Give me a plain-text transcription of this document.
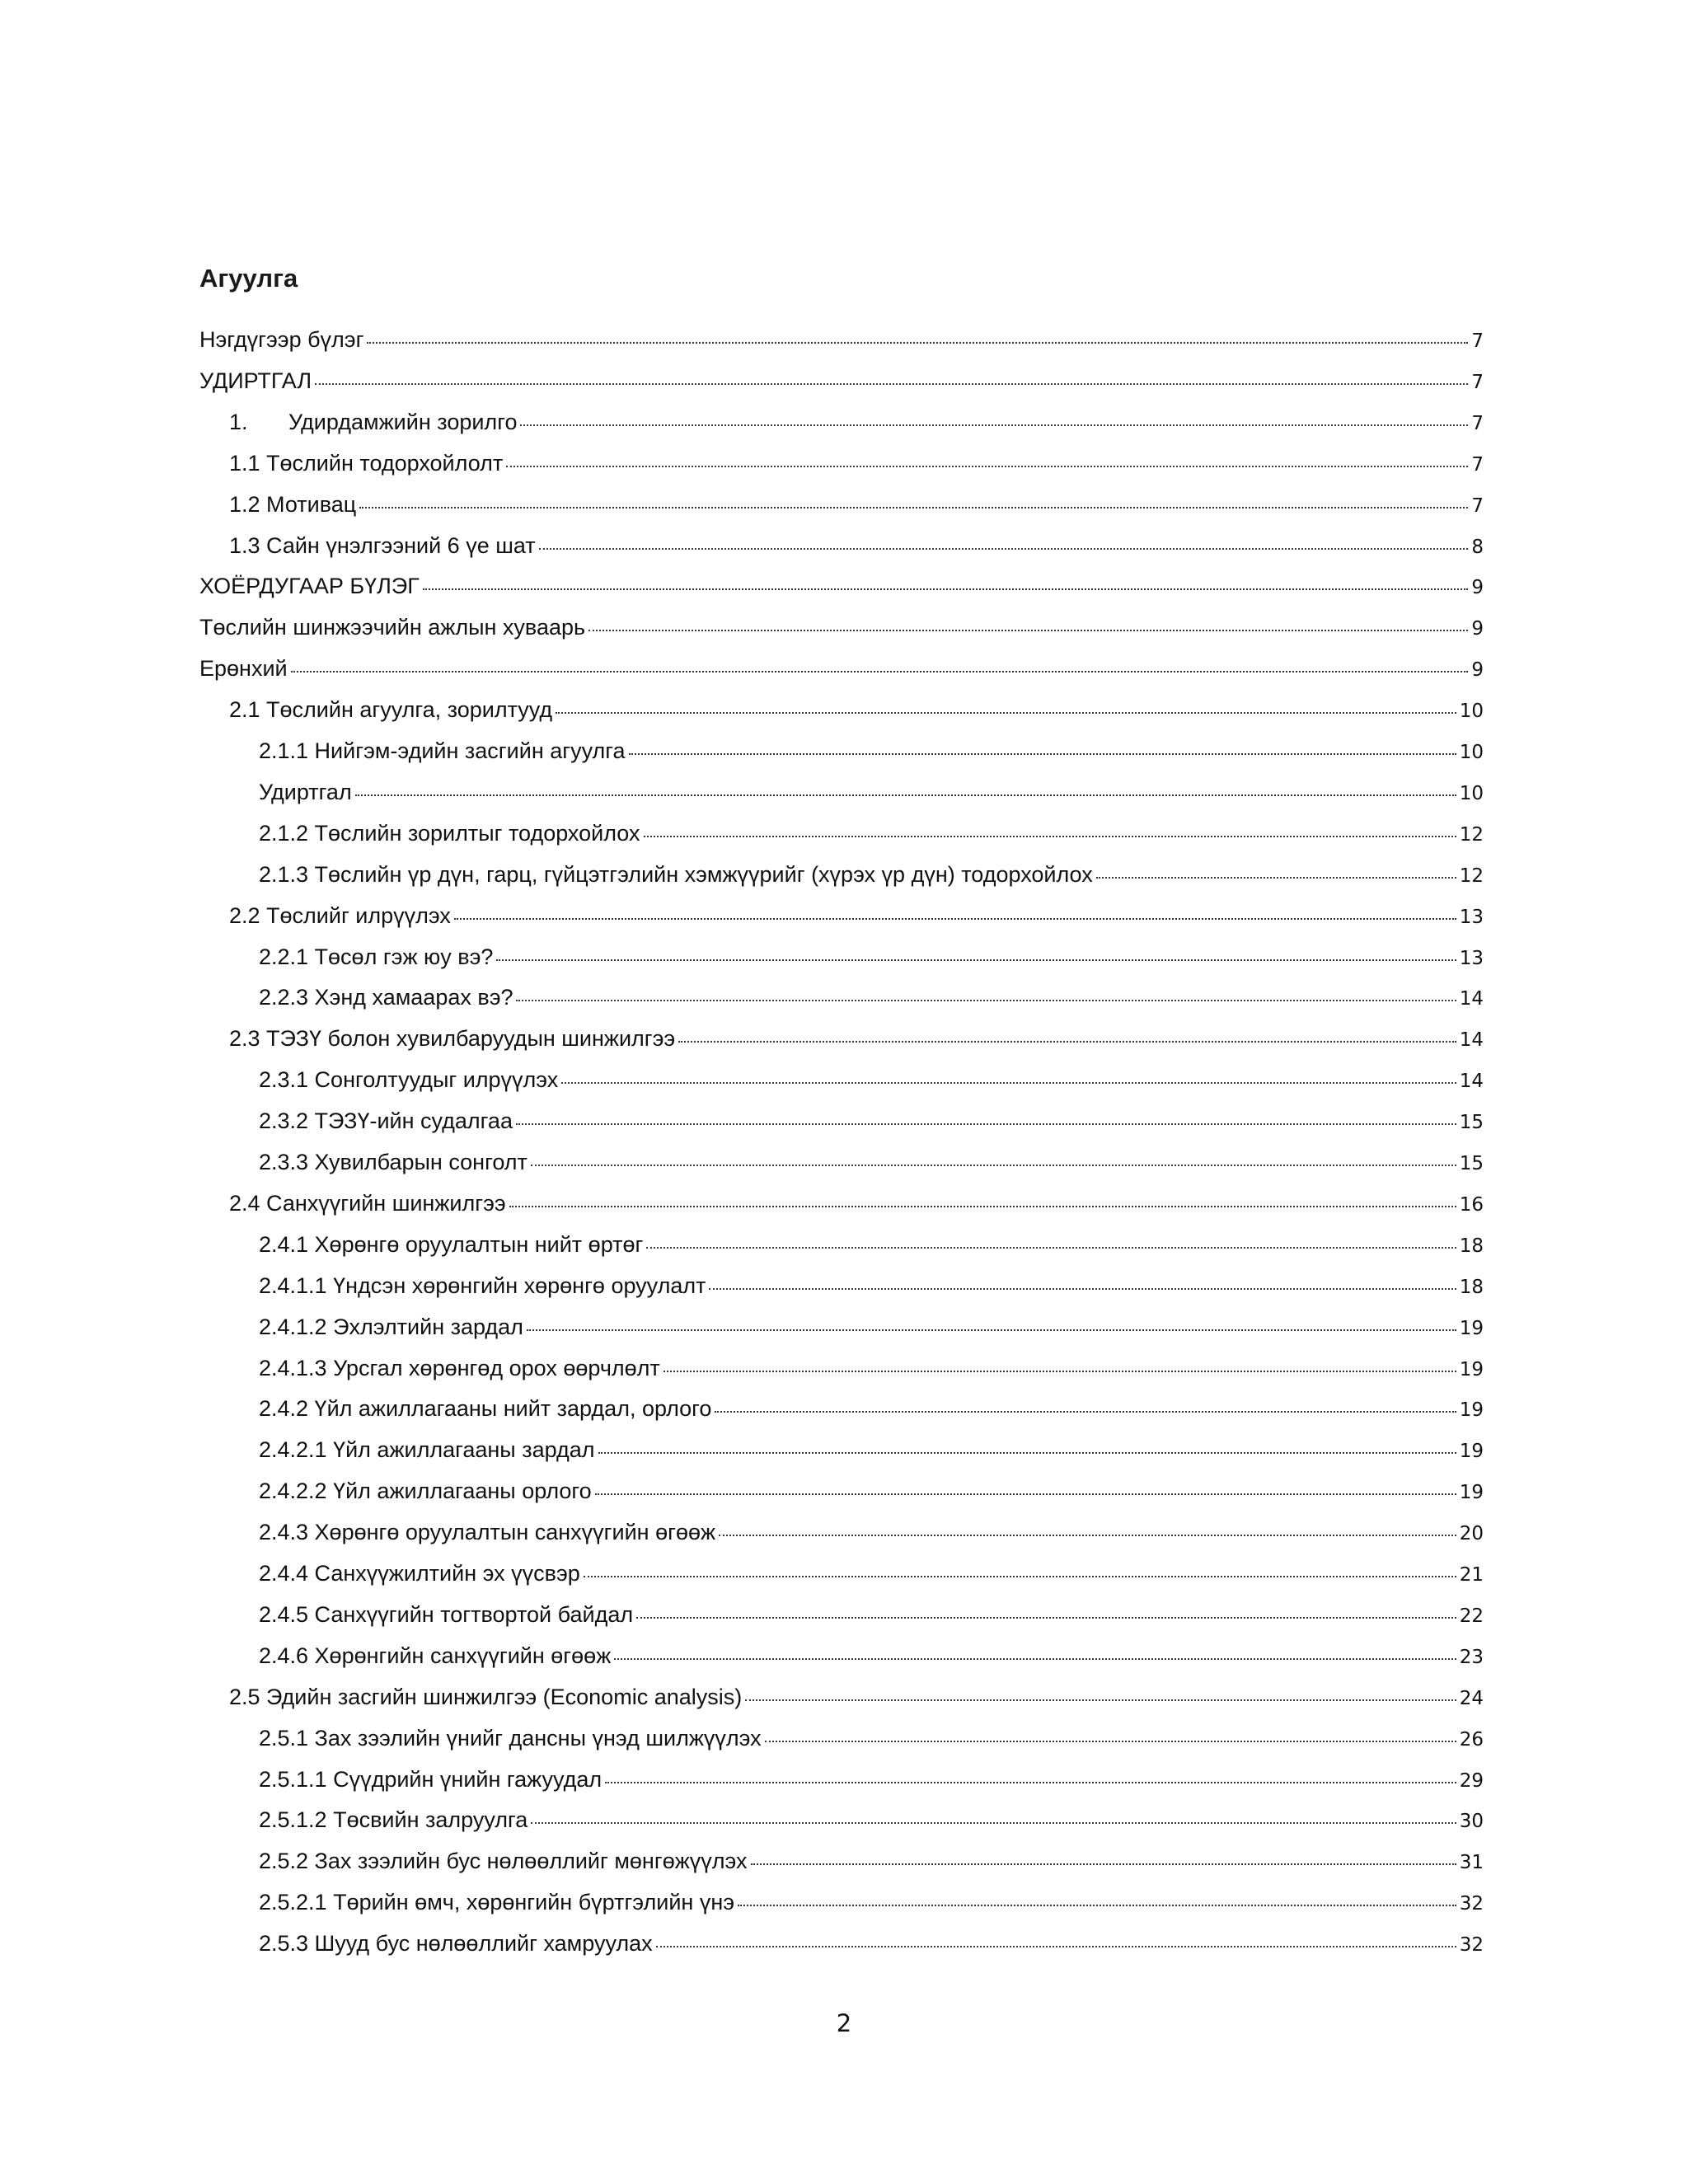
Агуулга
Нэгдүгээр бүлэг	7
УДИРТГАЛ	7
1.	Удирдамжийн зорилго	7
1.1 Төслийн тодорхойлолт	7
1.2 Мотивац	7
1.3 Сайн үнэлгээний 6 үе шат	8
ХОЁРДУГААР БҮЛЭГ	9
Төслийн шинжээчийн ажлын хуваарь	9
Ерөнхий	9
2.1 Төслийн агуулга, зорилтууд	10
2.1.1 Нийгэм-эдийн засгийн агуулга	10
Удиртгал	10
2.1.2 Төслийн зорилтыг тодорхойлох	12
2.1.3 Төслийн үр дүн, гарц, гүйцэтгэлийн хэмжүүрийг (хүрэх үр дүн) тодорхойлох	12
2.2 Төслийг илрүүлэх	13
2.2.1 Төсөл гэж юу вэ?	13
2.2.3 Хэнд хамаарах вэ?	14
2.3 ТЭЗҮ болон хувилбаруудын шинжилгээ	14
2.3.1 Сонголтуудыг илрүүлэх	14
2.3.2 ТЭЗҮ-ийн судалгаа	15
2.3.3 Хувилбарын сонголт	15
2.4 Санхүүгийн шинжилгээ	16
2.4.1 Хөрөнгө оруулалтын нийт өртөг	18
2.4.1.1 Үндсэн хөрөнгийн хөрөнгө оруулалт	18
2.4.1.2 Эхлэлтийн зардал	19
2.4.1.3 Урсгал хөрөнгөд орох өөрчлөлт	19
2.4.2 Үйл ажиллагааны нийт зардал, орлого	19
2.4.2.1 Үйл ажиллагааны зардал	19
2.4.2.2 Үйл ажиллагааны орлого	19
2.4.3 Хөрөнгө оруулалтын санхүүгийн өгөөж	20
2.4.4 Санхүүжилтийн эх үүсвэр	21
2.4.5 Санхүүгийн тогтвортой байдал	22
2.4.6 Хөрөнгийн санхүүгийн өгөөж	23
2.5 Эдийн засгийн шинжилгээ (Economic analysis)	24
2.5.1 Зах зээлийн үнийг дансны үнэд шилжүүлэх	26
2.5.1.1 Сүүдрийн үнийн гажуудал	29
2.5.1.2 Төсвийн залруулга	30
2.5.2 Зах зээлийн бус нөлөөллийг мөнгөжүүлэх	31
2.5.2.1 Төрийн өмч, хөрөнгийн бүртгэлийн үнэ	32
2.5.3 Шууд бус нөлөөллийг хамруулах	32
2
